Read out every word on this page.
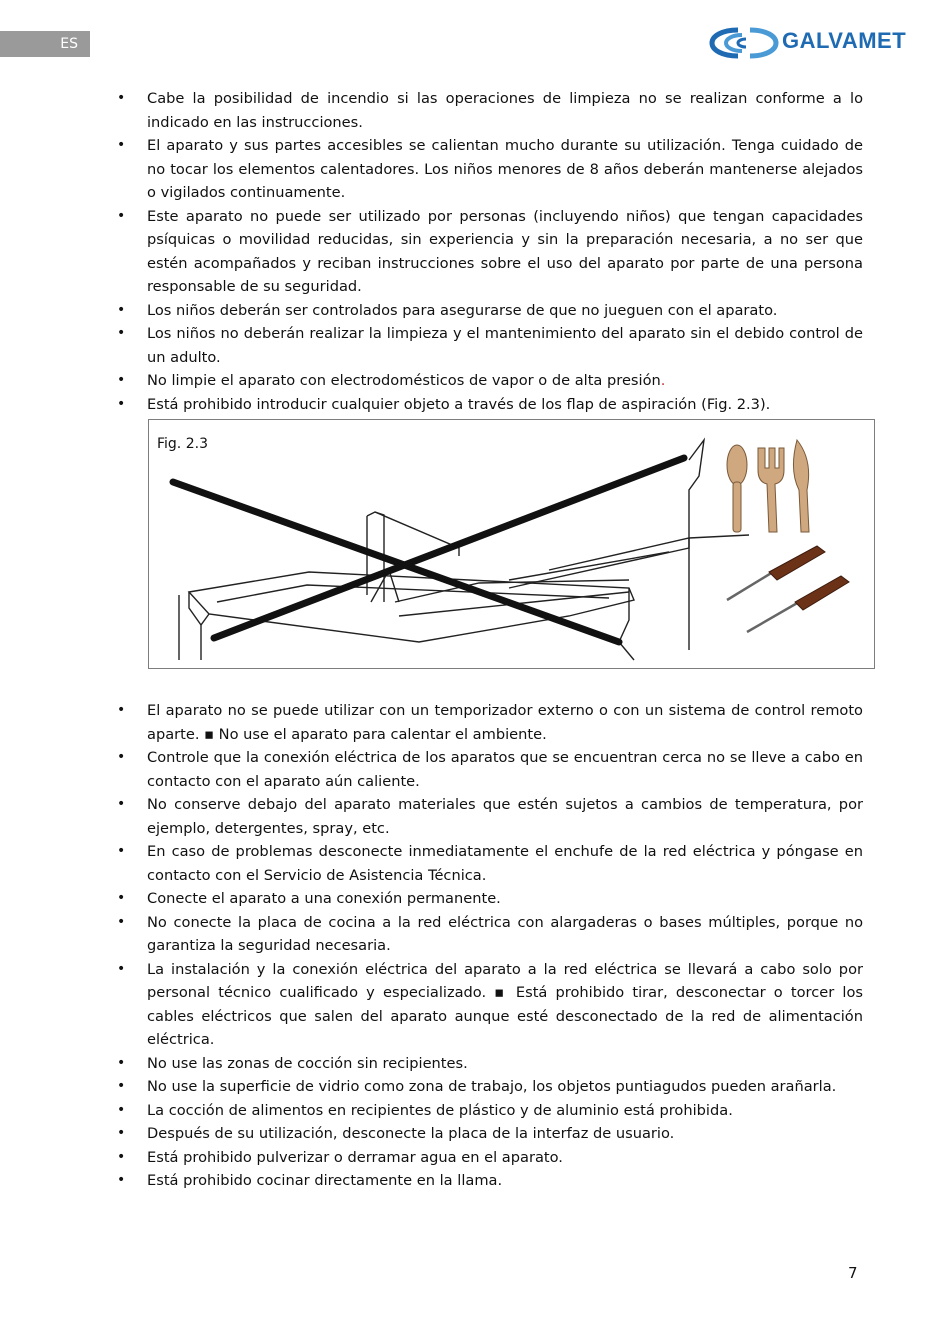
ES	GALVAMET
• Cabe la posibilidad de incendio si las operaciones de limpieza no se realizan conforme a lo indicado en las instrucciones.
• El aparato y sus partes accesibles se calientan mucho durante su utilización. Tenga cuidado de no tocar los elementos calentadores. Los niños menores de 8 años deberán mantenerse alejados o vigilados continuamente.
• Este aparato no puede ser utilizado por personas (incluyendo niños) que tengan capacidades psíquicas o movilidad reducidas, sin experiencia y sin la preparación necesaria, a no ser que estén acompañados y reciban instrucciones sobre el uso del aparato por parte de una persona responsable de su seguridad.
• Los niños deberán ser controlados para asegurarse de que no jueguen con el aparato.
• Los niños no deberán realizar la limpieza y el mantenimiento del aparato sin el debido control de un adulto.
• No limpie el aparato con electrodomésticos de vapor o de alta presión.
• Está prohibido introducir cualquier objeto a través de los flap de aspiración (Fig. 2.3).
Fig. 2.3
• El aparato no se puede utilizar con un temporizador externo o con un sistema de control remoto aparte. ▪ No use el aparato para calentar el ambiente.
• Controle que la conexión eléctrica de los aparatos que se encuentran cerca no se lleve a cabo en contacto con el aparato aún caliente.
• No conserve debajo del aparato materiales que estén sujetos a cambios de temperatura, por ejemplo, detergentes, spray, etc.
• En caso de problemas desconecte inmediatamente el enchufe de la red eléctrica y póngase en contacto con el Servicio de Asistencia Técnica.
• Conecte el aparato a una conexión permanente.
• No conecte la placa de cocina a la red eléctrica con alargaderas o bases múltiples, porque no garantiza la seguridad necesaria.
• La instalación y la conexión eléctrica del aparato a la red eléctrica se llevará a cabo solo por personal técnico cualificado y especializado. ▪ Está prohibido tirar, desconectar o torcer los cables eléctricos que salen del aparato aunque esté desconectado de la red de alimentación eléctrica.
• No use las zonas de cocción sin recipientes.
• No use la superficie de vidrio como zona de trabajo, los objetos puntiagudos pueden arañarla.
• La cocción de alimentos en recipientes de plástico y de aluminio está prohibida.
• Después de su utilización, desconecte la placa de la interfaz de usuario.
• Está prohibido pulverizar o derramar agua en el aparato.
• Está prohibido cocinar directamente en la llama.
7
